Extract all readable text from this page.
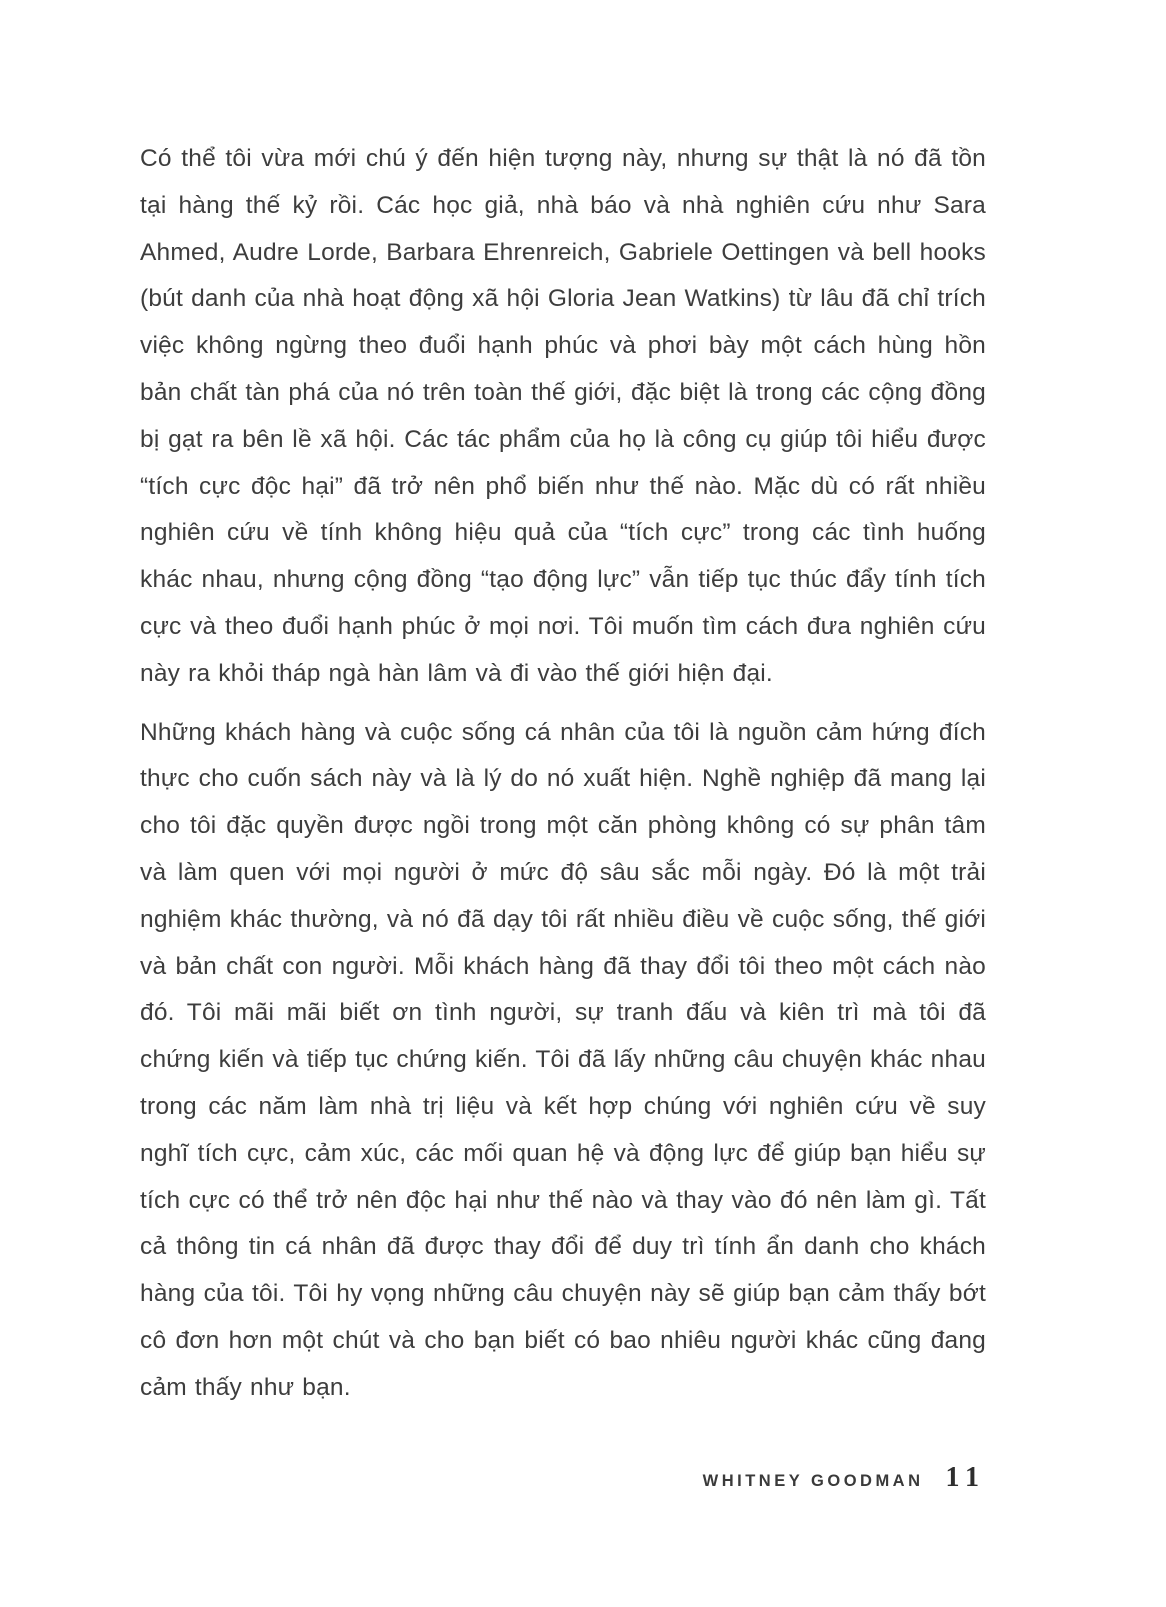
Có thể tôi vừa mới chú ý đến hiện tượng này, nhưng sự thật là nó đã tồn tại hàng thế kỷ rồi. Các học giả, nhà báo và nhà nghiên cứu như Sara Ahmed, Audre Lorde, Barbara Ehrenreich, Gabriele Oettingen và bell hooks (bút danh của nhà hoạt động xã hội Gloria Jean Watkins) từ lâu đã chỉ trích việc không ngừng theo đuổi hạnh phúc và phơi bày một cách hùng hồn bản chất tàn phá của nó trên toàn thế giới, đặc biệt là trong các cộng đồng bị gạt ra bên lề xã hội. Các tác phẩm của họ là công cụ giúp tôi hiểu được “tích cực độc hại” đã trở nên phổ biến như thế nào. Mặc dù có rất nhiều nghiên cứu về tính không hiệu quả của “tích cực” trong các tình huống khác nhau, nhưng cộng đồng “tạo động lực” vẫn tiếp tục thúc đẩy tính tích cực và theo đuổi hạnh phúc ở mọi nơi. Tôi muốn tìm cách đưa nghiên cứu này ra khỏi tháp ngà hàn lâm và đi vào thế giới hiện đại.

Những khách hàng và cuộc sống cá nhân của tôi là nguồn cảm hứng đích thực cho cuốn sách này và là lý do nó xuất hiện. Nghề nghiệp đã mang lại cho tôi đặc quyền được ngồi trong một căn phòng không có sự phân tâm và làm quen với mọi người ở mức độ sâu sắc mỗi ngày. Đó là một trải nghiệm khác thường, và nó đã dạy tôi rất nhiều điều về cuộc sống, thế giới và bản chất con người. Mỗi khách hàng đã thay đổi tôi theo một cách nào đó. Tôi mãi mãi biết ơn tình người, sự tranh đấu và kiên trì mà tôi đã chứng kiến và tiếp tục chứng kiến. Tôi đã lấy những câu chuyện khác nhau trong các năm làm nhà trị liệu và kết hợp chúng với nghiên cứu về suy nghĩ tích cực, cảm xúc, các mối quan hệ và động lực để giúp bạn hiểu sự tích cực có thể trở nên độc hại như thế nào và thay vào đó nên làm gì. Tất cả thông tin cá nhân đã được thay đổi để duy trì tính ẩn danh cho khách hàng của tôi. Tôi hy vọng những câu chuyện này sẽ giúp bạn cảm thấy bớt cô đơn hơn một chút và cho bạn biết có bao nhiêu người khác cũng đang cảm thấy như bạn.

WHITNEY GOODMAN 11
